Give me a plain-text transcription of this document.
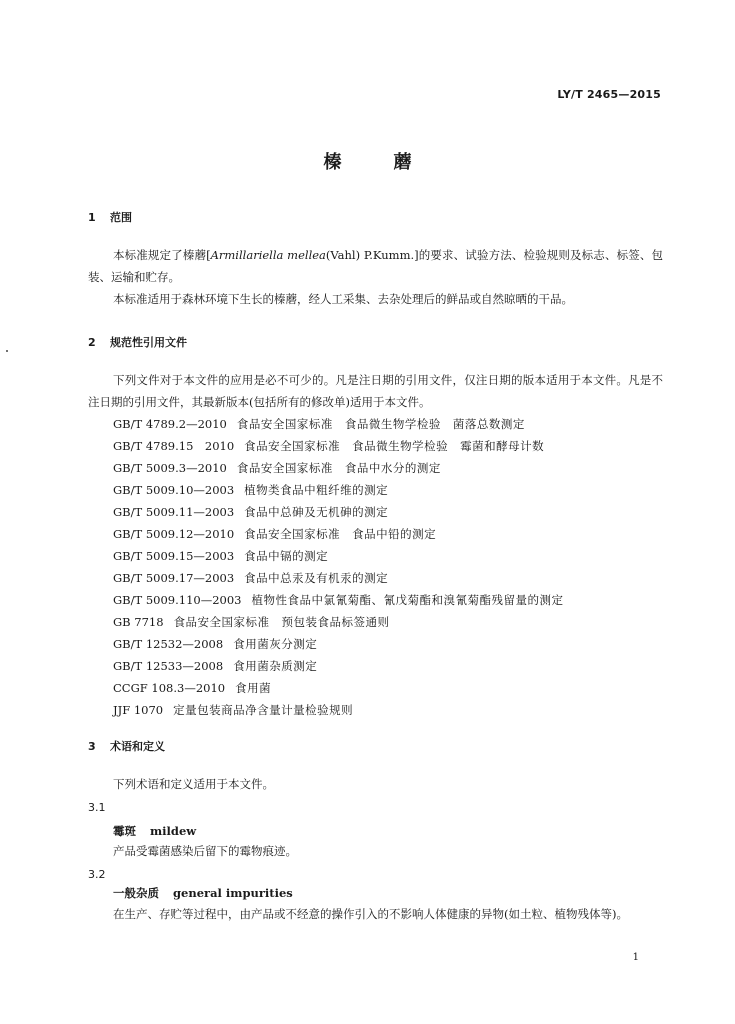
LY/T 2465—2015
榛蘑
1 范围
本标准规定了榛蘑[Armillariella mellea(Vahl) P.Kumm.]的要求、试验方法、检验规则及标志、标签、包装、运输和贮存。
本标准适用于森林环境下生长的榛蘑，经人工采集、去杂处理后的鲜品或自然晾晒的干品。
2 规范性引用文件
下列文件对于本文件的应用是必不可少的。凡是注日期的引用文件，仅注日期的版本适用于本文件。凡是不注日期的引用文件，其最新版本(包括所有的修改单)适用于本文件。
GB/T 4789.2—2010 食品安全国家标准　食品微生物学检验　菌落总数测定
GB/T 4789.15　2010 食品安全国家标准　食品微生物学检验　霉菌和酵母计数
GB/T 5009.3—2010 食品安全国家标准　食品中水分的测定
GB/T 5009.10—2003 植物类食品中粗纤维的测定
GB/T 5009.11—2003 食品中总砷及无机砷的测定
GB/T 5009.12—2010 食品安全国家标准　食品中铅的测定
GB/T 5009.15—2003 食品中镉的测定
GB/T 5009.17—2003 食品中总汞及有机汞的测定
GB/T 5009.110—2003 植物性食品中氯氰菊酯、氰戊菊酯和溴氰菊酯残留量的测定
GB 7718 食品安全国家标准　预包装食品标签通则
GB/T 12532—2008 食用菌灰分测定
GB/T 12533—2008 食用菌杂质测定
CCGF 108.3—2010 食用菌
JJF 1070 定量包装商品净含量计量检验规则
3 术语和定义
下列术语和定义适用于本文件。
3.1
霉斑 mildew
产品受霉菌感染后留下的霉物痕迹。
3.2
一般杂质 general impurities
在生产、存贮等过程中，由产品或不经意的操作引入的不影响人体健康的异物(如土粒、植物残体等)。
1
